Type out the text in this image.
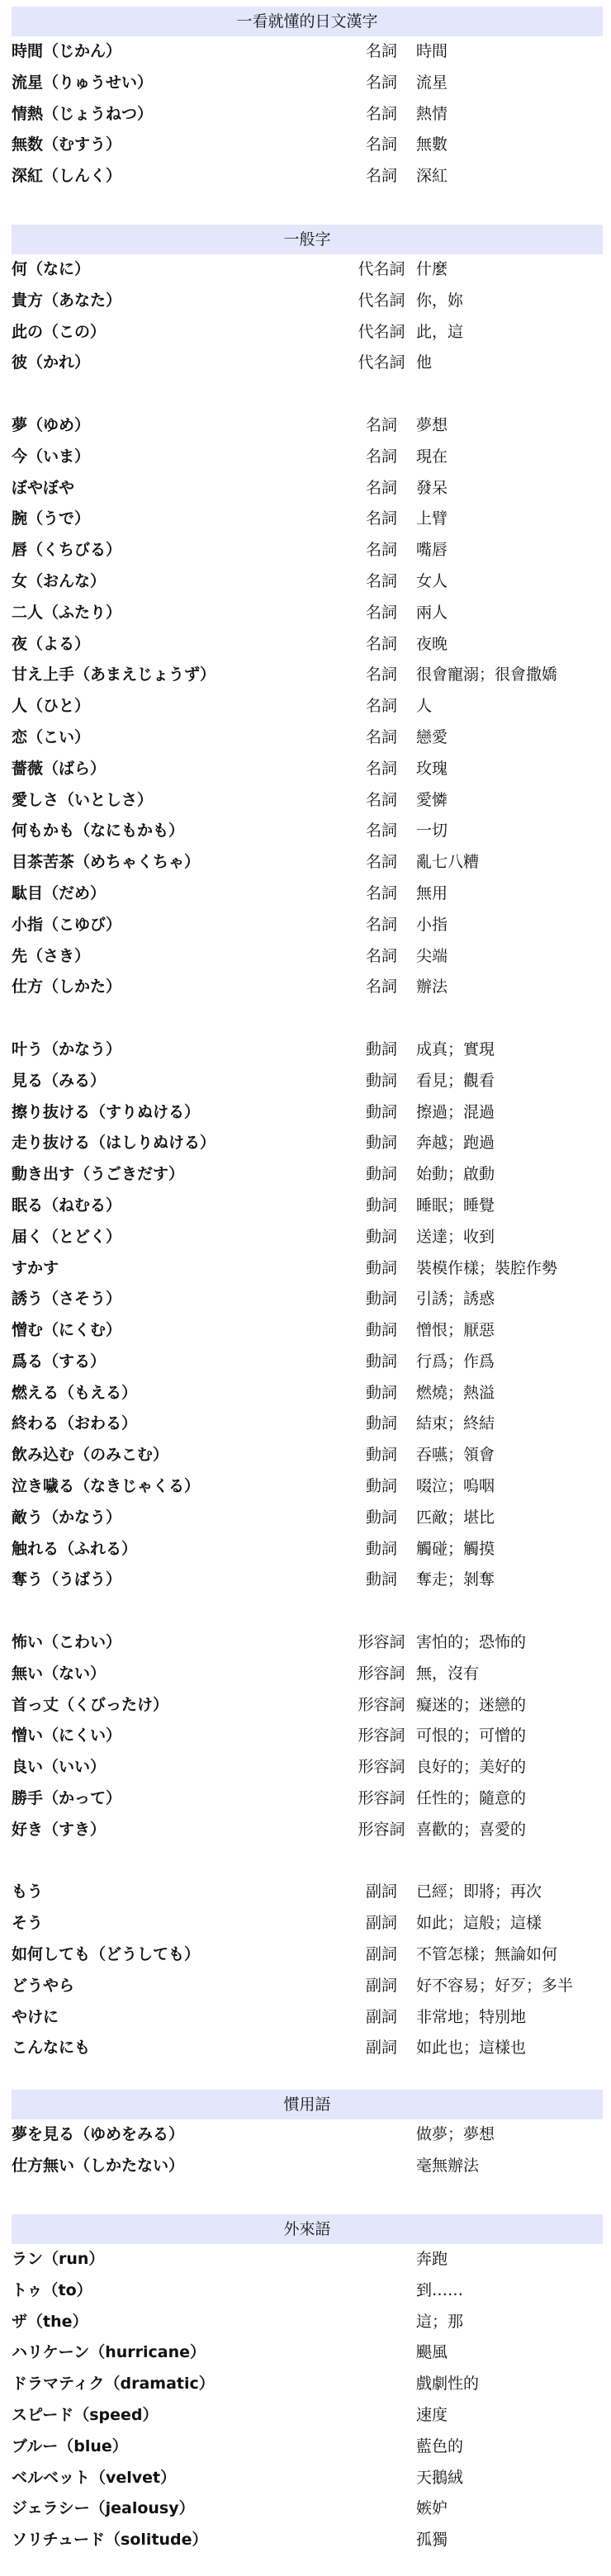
一看就懂的日文漢字
時間（じかん）	名詞	時間
流星（りゅうせい）	名詞	流星
情熱（じょうねつ）	名詞	熱情
無数（むすう）	名詞	無數
深紅（しんく）	名詞	深紅
一般字
何（なに）	代名詞 什麼
貴方（あなた）	代名詞 你，妳
此の（この）	代名詞 此，這
彼（かれ）	代名詞 他
夢（ゆめ）	名詞	夢想
今（いま）	名詞	現在
ぼやぼや	名詞	發呆
腕（うで）	名詞	上臂
唇（くちびる）	名詞	嘴唇
女（おんな）	名詞	女人
二人（ふたり）	名詞	兩人
夜（よる）	名詞	夜晚
甘え上手（あまえじょうず）	名詞	很會寵溺；很會撒嬌
人（ひと）	名詞	人
恋（こい）	名詞	戀愛
薔薇（ばら）	名詞	玫瑰
愛しさ（いとしさ）	名詞	愛憐
何もかも（なにもかも）	名詞	一切
目茶苦茶（めちゃくちゃ）	名詞	亂七八糟
駄目（だめ）	名詞	無用
小指（こゆび）	名詞	小指
先（さき）	名詞	尖端
仕方（しかた）	名詞	辦法
叶う（かなう）	動詞	成真；實現
見る（みる）	動詞	看見；觀看
擦り抜ける（すりぬける）	動詞	擦過；混過
走り抜ける（はしりぬける）	動詞	奔越；跑過
動き出す（うごきだす）	動詞	始動；啟動
眠る（ねむる）	動詞	睡眠；睡覺
届く（とどく）	動詞	送達；收到
すかす	動詞	裝模作樣；裝腔作勢
誘う（さそう）	動詞	引誘；誘惑
憎む（にくむ）	動詞	憎恨；厭惡
爲る（する）	動詞	行爲；作爲
燃える（もえる）	動詞	燃燒；熱溢
終わる（おわる）	動詞	結束；終結
飲み込む（のみこむ）	動詞	吞嚥；領會
泣き噦る（なきじゃくる）	動詞	啜泣；嗚咽
敵う（かなう）	動詞	匹敵；堪比
触れる（ふれる）	動詞	觸碰；觸摸
奪う（うばう）	動詞	奪走；剝奪
怖い（こわい）	形容詞 害怕的；恐怖的
無い（ない）	形容詞 無，沒有
首っ丈（くびったけ）	形容詞 癡迷的；迷戀的
憎い（にくい）	形容詞 可恨的；可憎的
良い（いい）	形容詞 良好的；美好的
勝手（かって）	形容詞 任性的；隨意的
好き（すき）	形容詞 喜歡的；喜愛的
もう	副詞	已經；即將；再次
そう	副詞	如此；這般；這樣
如何しても（どうしても）	副詞	不管怎樣；無論如何
どうやら	副詞	好不容易；好歹；多半
やけに	副詞	非常地；特別地
こんなにも	副詞	如此也；這樣也
慣用語
夢を見る（ゆめをみる）	做夢；夢想
仕方無い（しかたない）	毫無辦法
外來語
ラン（run）	奔跑
トゥ（to）	到……
ザ（the）	這；那
ハリケーン（hurricane）	颶風
ドラマティク（dramatic）	戲劇性的
スピード（speed）	速度
ブルー（blue）	藍色的
ベルベット（velvet）	天鵝絨
ジェラシー（jealousy）	嫉妒
ソリチュード（solitude）	孤獨
